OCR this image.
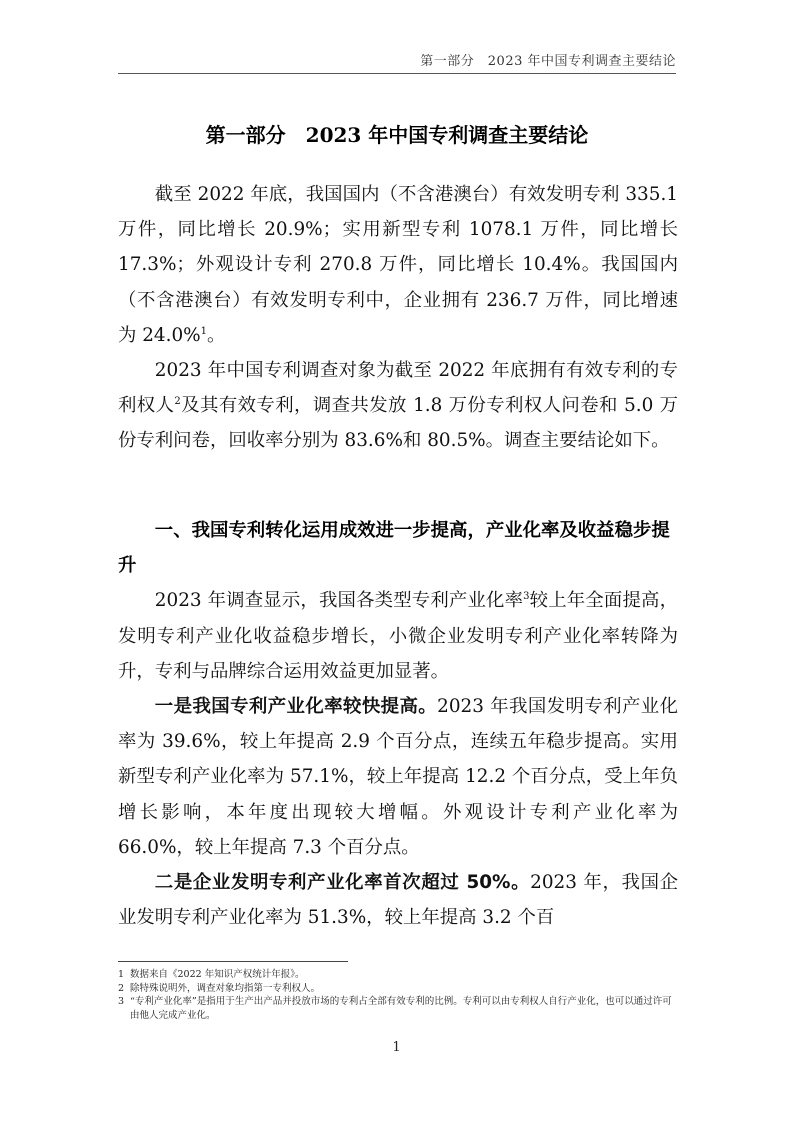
第一部分　2023 年中国专利调查主要结论
第一部分　2023 年中国专利调查主要结论

截至 2022 年底，我国国内（不含港澳台）有效发明专利 335.1 万件，同比增长 20.9%；实用新型专利 1078.1 万件，同比增长 17.3%；外观设计专利 270.8 万件，同比增长 10.4%。我国国内（不含港澳台）有效发明专利中，企业拥有 236.7 万件，同比增速为 24.0%$^1$。

2023 年中国专利调查对象为截至 2022 年底拥有有效专利的专利权人$^2$及其有效专利，调查共发放 1.8 万份专利权人问卷和 5.0 万份专利问卷，回收率分别为 83.6%和 80.5%。调查主要结论如下。

一、我国专利转化运用成效进一步提高，产业化率及收益稳步提升

2023 年调查显示，我国各类型专利产业化率$^3$较上年全面提高，发明专利产业化收益稳步增长，小微企业发明专利产业化率转降为升，专利与品牌综合运用效益更加显著。

一是我国专利产业化率较快提高。2023 年我国发明专利产业化率为 39.6%，较上年提高 2.9 个百分点，连续五年稳步提高。实用新型专利产业化率为 57.1%，较上年提高 12.2 个百分点，受上年负增长影响，本年度出现较大增幅。外观设计专利产业化率为 66.0%，较上年提高 7.3 个百分点。

二是企业发明专利产业化率首次超过 50%。2023 年，我国企业发明专利产业化率为 51.3%，较上年提高 3.2 个百

1 数据来自《2022 年知识产权统计年报》。
2 除特殊说明外，调查对象均指第一专利权人。
3 “专利产业化率”是指用于生产出产品并投放市场的专利占全部有效专利的比例。专利可以由专利权人自行产业化，也可以通过许可由他人完成产业化。
1
